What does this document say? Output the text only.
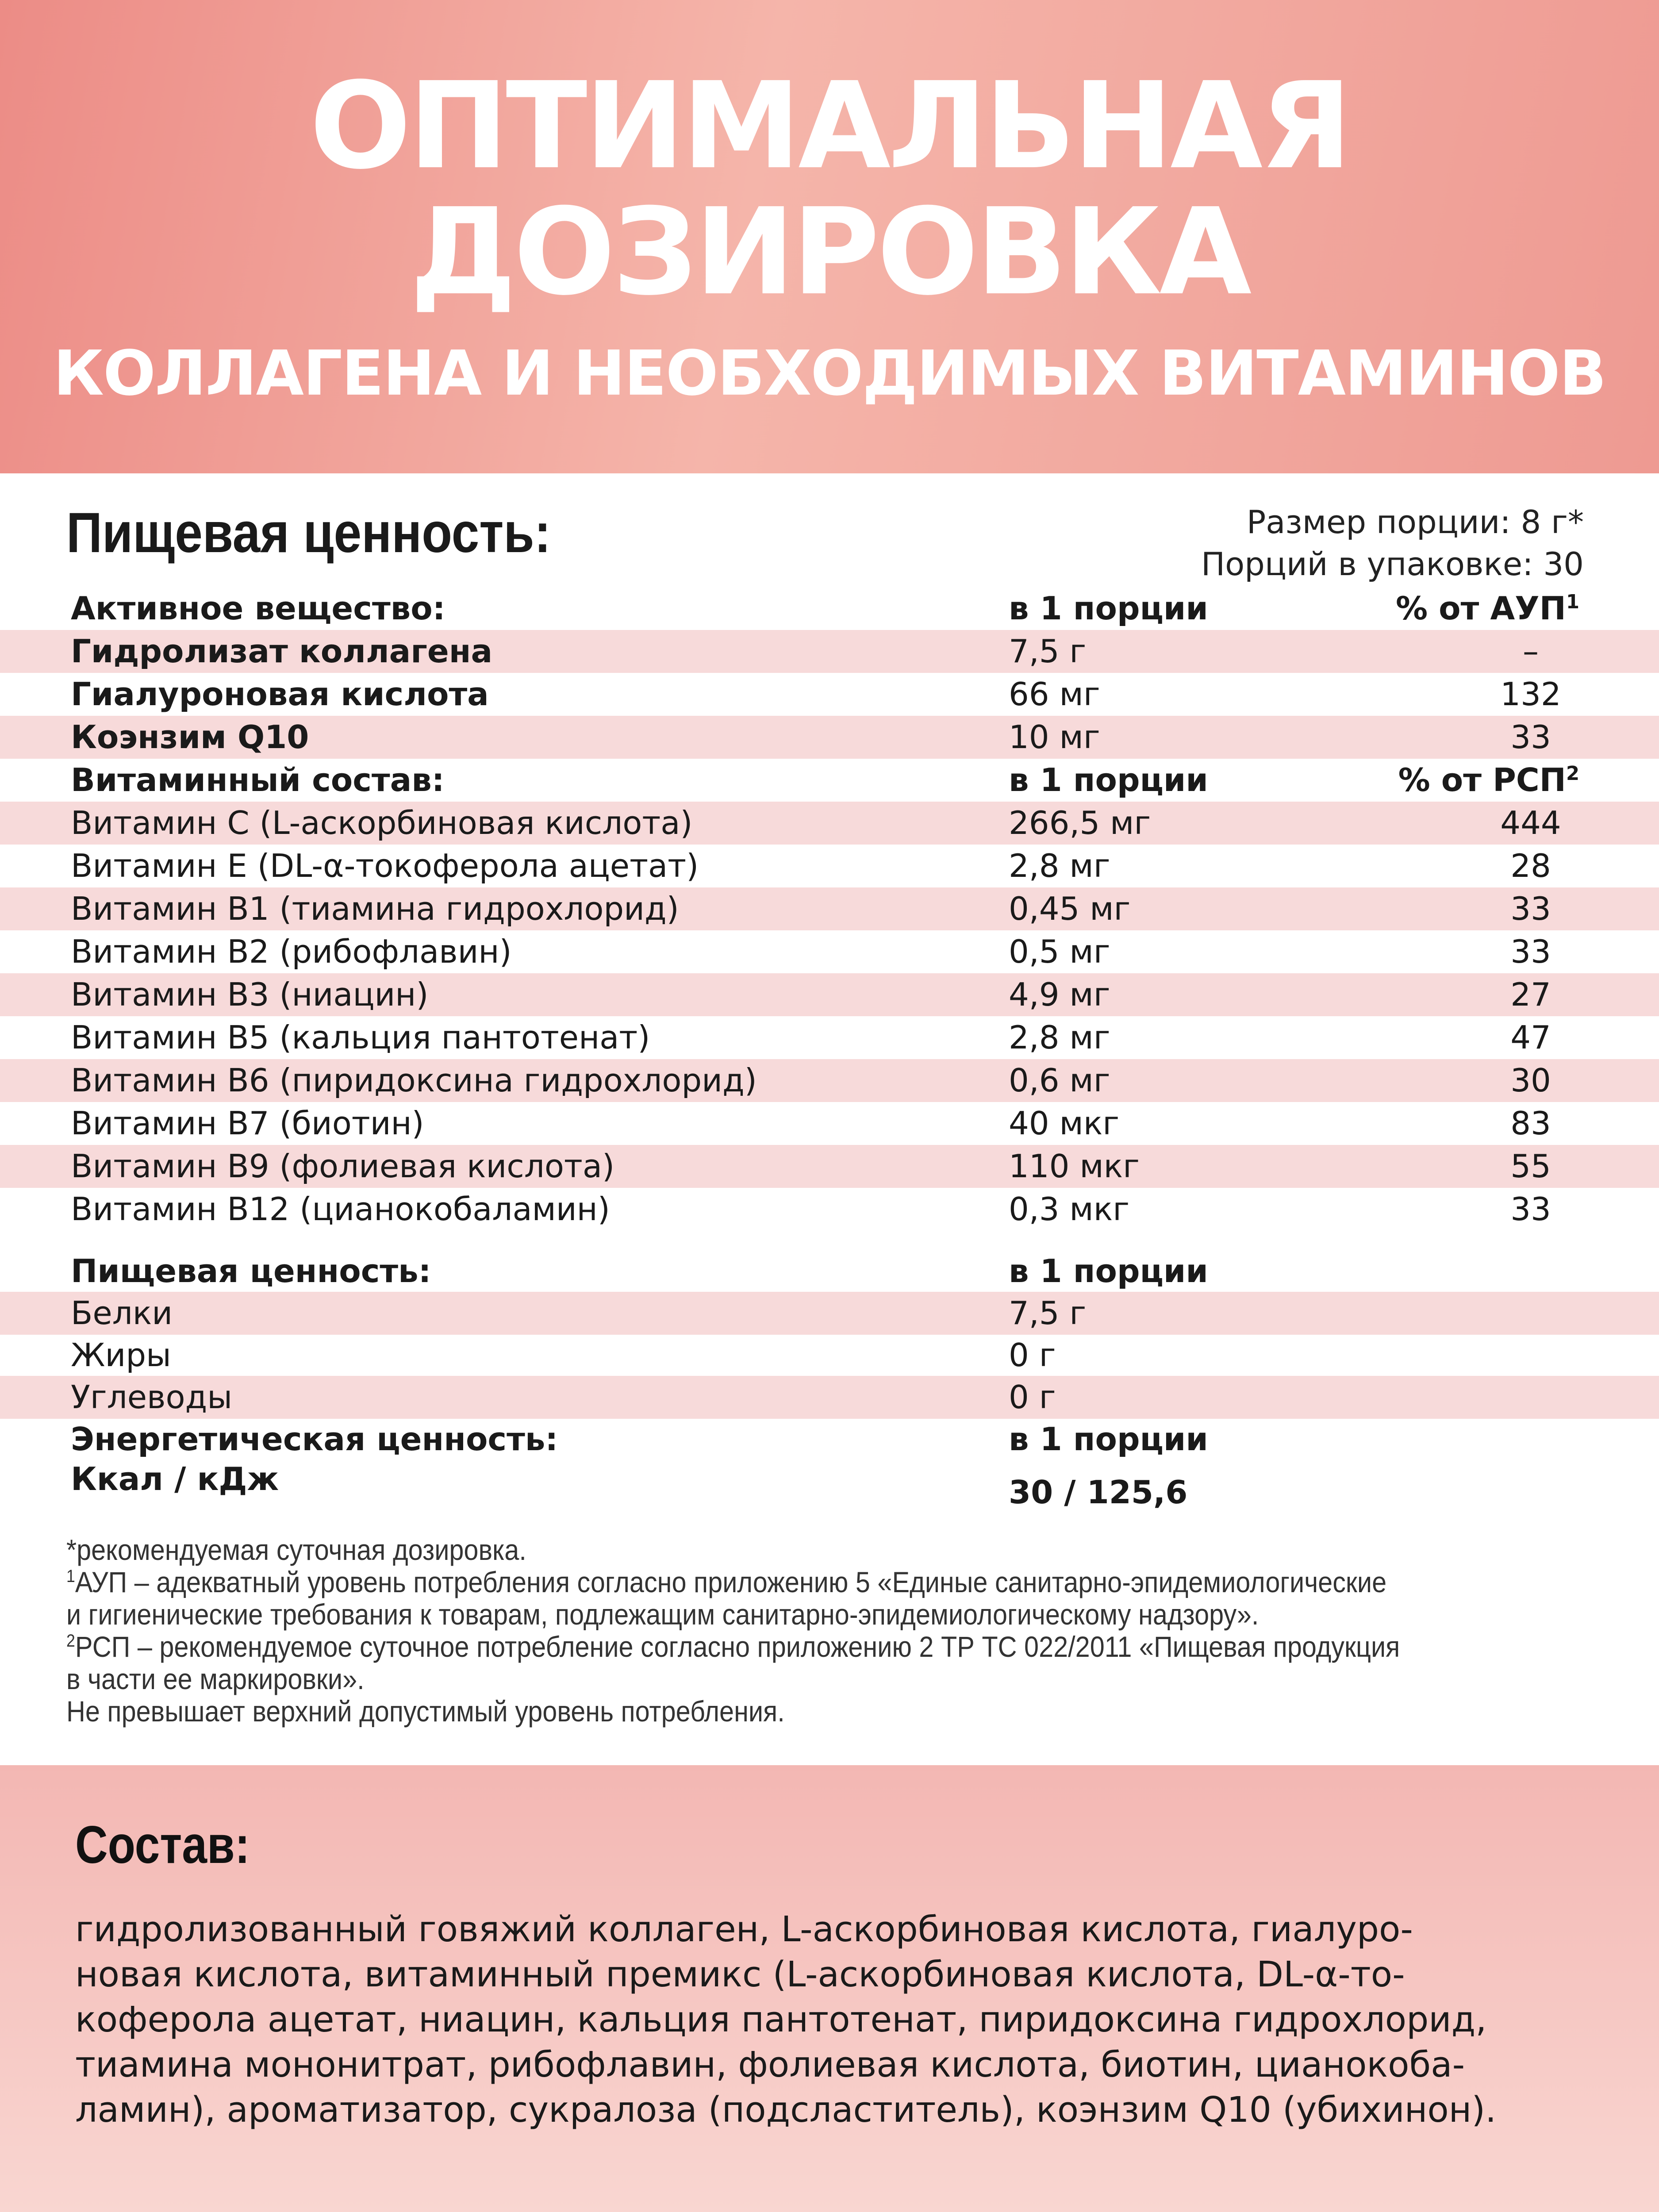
ОПТИМАЛЬНАЯ
ДОЗИРОВКА
КОЛЛАГЕНА И НЕОБХОДИМЫХ ВИТАМИНОВ
Пищевая ценность:	Размер порции: 8 г*
Порций в упаковке: 30
Активное вещество:	в 1 порции	% от АУП$^1$
Гидролизат коллагена	7,5 г	–
Гиалуроновая кислота	66 мг	132
Коэнзим Q10	10 мг	33
Витаминный состав:	в 1 порции	% от РСП$^2$
Витамин C (L-аскорбиновая кислота)	266,5 мг	444
Витамин E (DL-α-токоферола ацетат)	2,8 мг	28
Витамин B1 (тиамина гидрохлорид)	0,45 мг	33
Витамин B2 (рибофлавин)	0,5 мг	33
Витамин B3 (ниацин)	4,9 мг	27
Витамин B5 (кальция пантотенат)	2,8 мг	47
Витамин B6 (пиридоксина гидрохлорид)	0,6 мг	30
Витамин B7 (биотин)	40 мкг	83
Витамин B9 (фолиевая кислота)	110 мкг	55
Витамин B12 (цианокобаламин)	0,3 мкг	33
Пищевая ценность:	в 1 порции
Белки	7,5 г
Жиры	0 г
Углеводы	0 г
Энергетическая ценность:	в 1 порции
Ккал / кДж	30 / 125,6
*рекомендуемая суточная дозировка.
$^1$АУП – адекватный уровень потребления согласно приложению 5 «Единые санитарно-эпидемиологические
и гигиенические требования к товарам, подлежащим санитарно-эпидемиологическому надзору».
$^2$РСП – рекомендуемое суточное потребление согласно приложению 2 ТР ТС 022/2011 «Пищевая продукция
в части ее маркировки».
Не превышает верхний допустимый уровень потребления.
Состав:
гидролизованный говяжий коллаген, L-аскорбиновая кислота, гиалуро-
новая кислота, витаминный премикс (L-аскорбиновая кислота, DL-α-то-
коферола ацетат, ниацин, кальция пантотенат, пиридоксина гидрохлорид,
тиамина мононитрат, рибофлавин, фолиевая кислота, биотин, цианокоба-
ламин), ароматизатор, сукралоза (подсластитель), коэнзим Q10 (убихинон).
